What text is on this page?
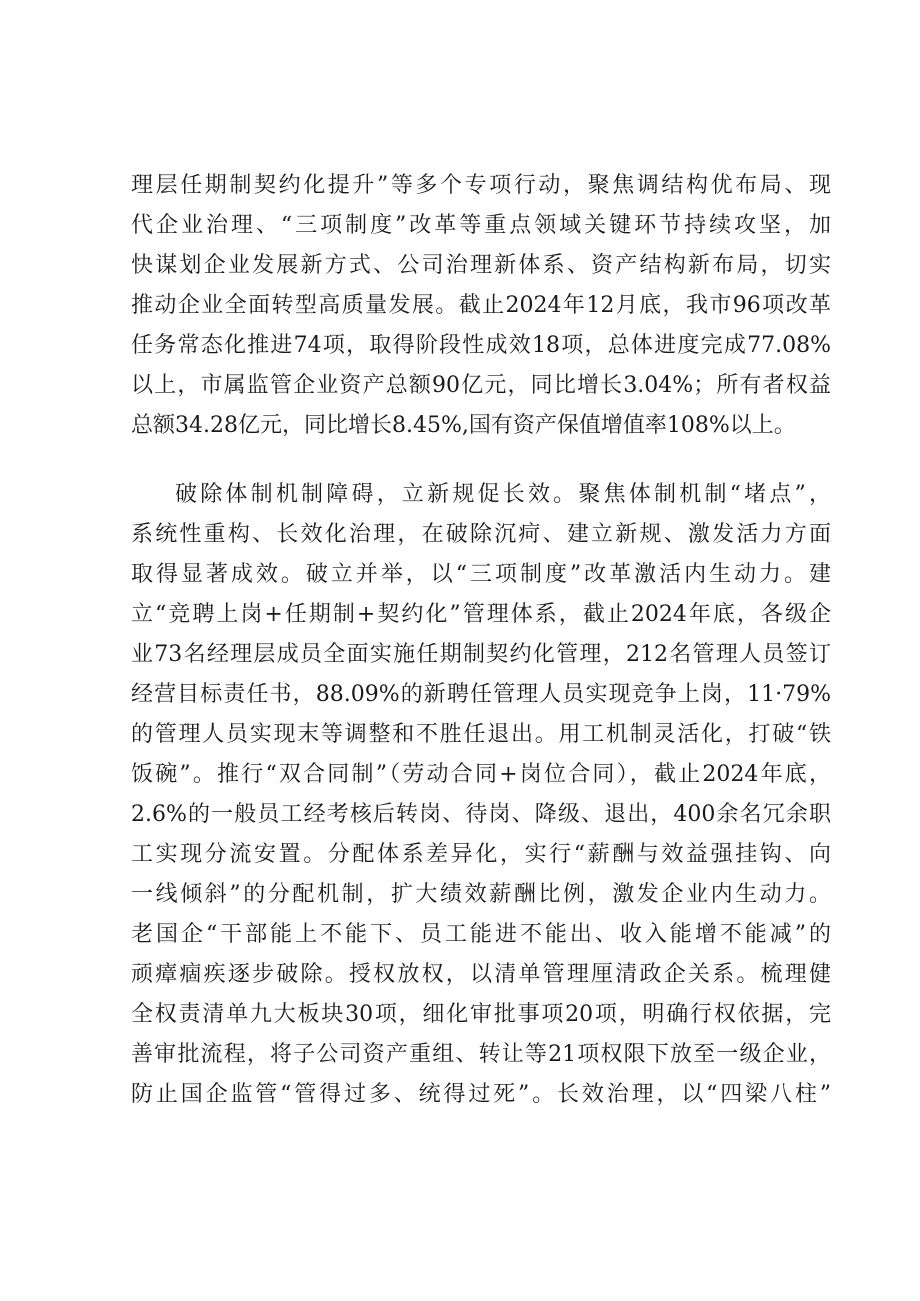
理层任期制契约化提升”等多个专项行动，聚焦调结构优布局、现
代企业治理、“三项制度”改革等重点领域关键环节持续攻坚，加
快谋划企业发展新方式、公司治理新体系、资产结构新布局，切实
推动企业全面转型高质量发展。截止2024年12月底，我市96项改革
任务常态化推进74项，取得阶段性成效18项，总体进度完成77.08%
以上，市属监管企业资产总额90亿元，同比增长3.04%；所有者权益
总额34.28亿元，同比增长8.45%,国有资产保值增值率108%以上。
破除体制机制障碍，立新规促长效。聚焦体制机制“堵点”，
系统性重构、长效化治理，在破除沉疴、建立新规、激发活力方面
取得显著成效。破立并举，以“三项制度”改革激活内生动力。建
立“竞聘上岗+任期制+契约化”管理体系，截止2024年底，各级企
业73名经理层成员全面实施任期制契约化管理，212名管理人员签订
经营目标责任书，88.09%的新聘任管理人员实现竞争上岗，11·79%
的管理人员实现末等调整和不胜任退出。用工机制灵活化，打破“铁
饭碗”。推行“双合同制”（劳动合同+岗位合同），截止2024年底，
2.6%的一般员工经考核后转岗、待岗、降级、退出，400余名冗余职
工实现分流安置。分配体系差异化，实行“薪酬与效益强挂钩、向
一线倾斜”的分配机制，扩大绩效薪酬比例，激发企业内生动力。
老国企“干部能上不能下、员工能进不能出、收入能增不能减”的
顽瘴痼疾逐步破除。授权放权，以清单管理厘清政企关系。梳理健
全权责清单九大板块30项，细化审批事项20项，明确行权依据，完
善审批流程，将子公司资产重组、转让等21项权限下放至一级企业，
防止国企监管“管得过多、统得过死”。长效治理，以“四梁八柱”
